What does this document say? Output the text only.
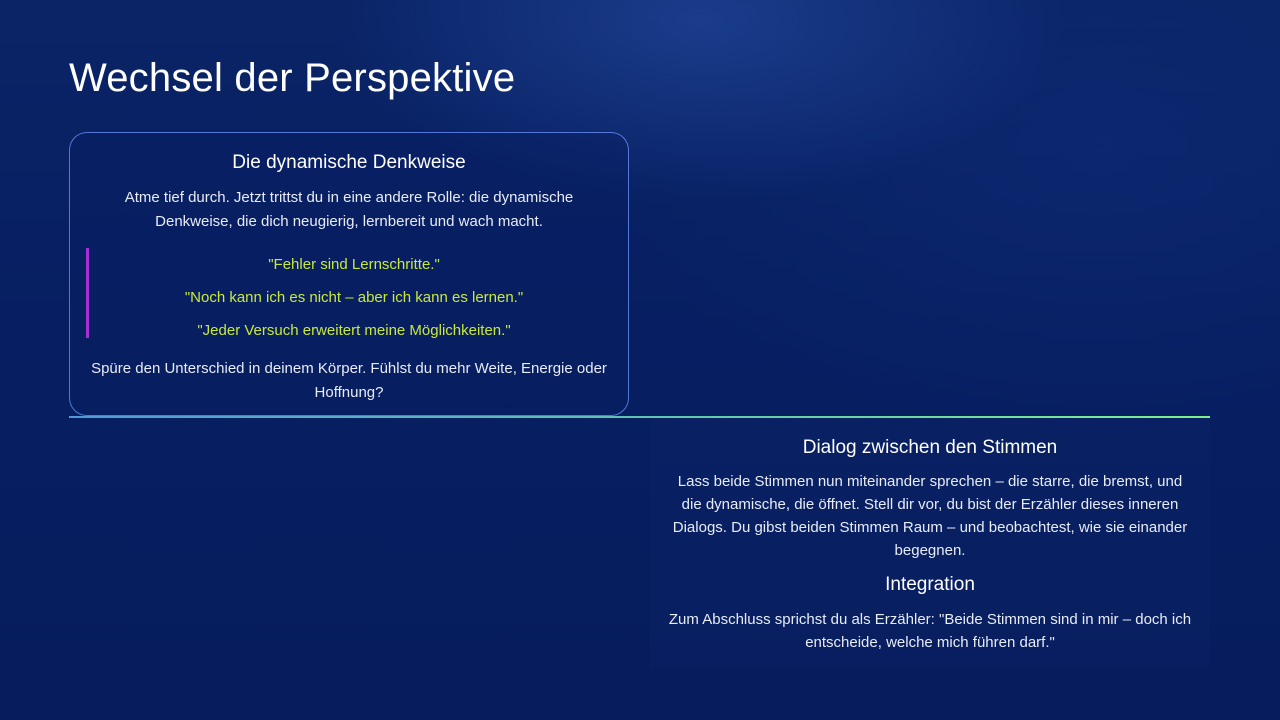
Wechsel der Perspektive
Die dynamische Denkweise

Atme tief durch. Jetzt trittst du in eine andere Rolle: die dynamische Denkweise, die dich neugierig, lernbereit und wach macht.

"Fehler sind Lernschritte."

"Noch kann ich es nicht – aber ich kann es lernen."

"Jeder Versuch erweitert meine Möglichkeiten."

Spüre den Unterschied in deinem Körper. Fühlst du mehr Weite, Energie oder Hoffnung?

Dialog zwischen den Stimmen

Lass beide Stimmen nun miteinander sprechen – die starre, die bremst, und die dynamische, die öffnet. Stell dir vor, du bist der Erzähler dieses inneren Dialogs. Du gibst beiden Stimmen Raum – und beobachtest, wie sie einander begegnen.

Integration

Zum Abschluss sprichst du als Erzähler: "Beide Stimmen sind in mir – doch ich entscheide, welche mich führen darf."
